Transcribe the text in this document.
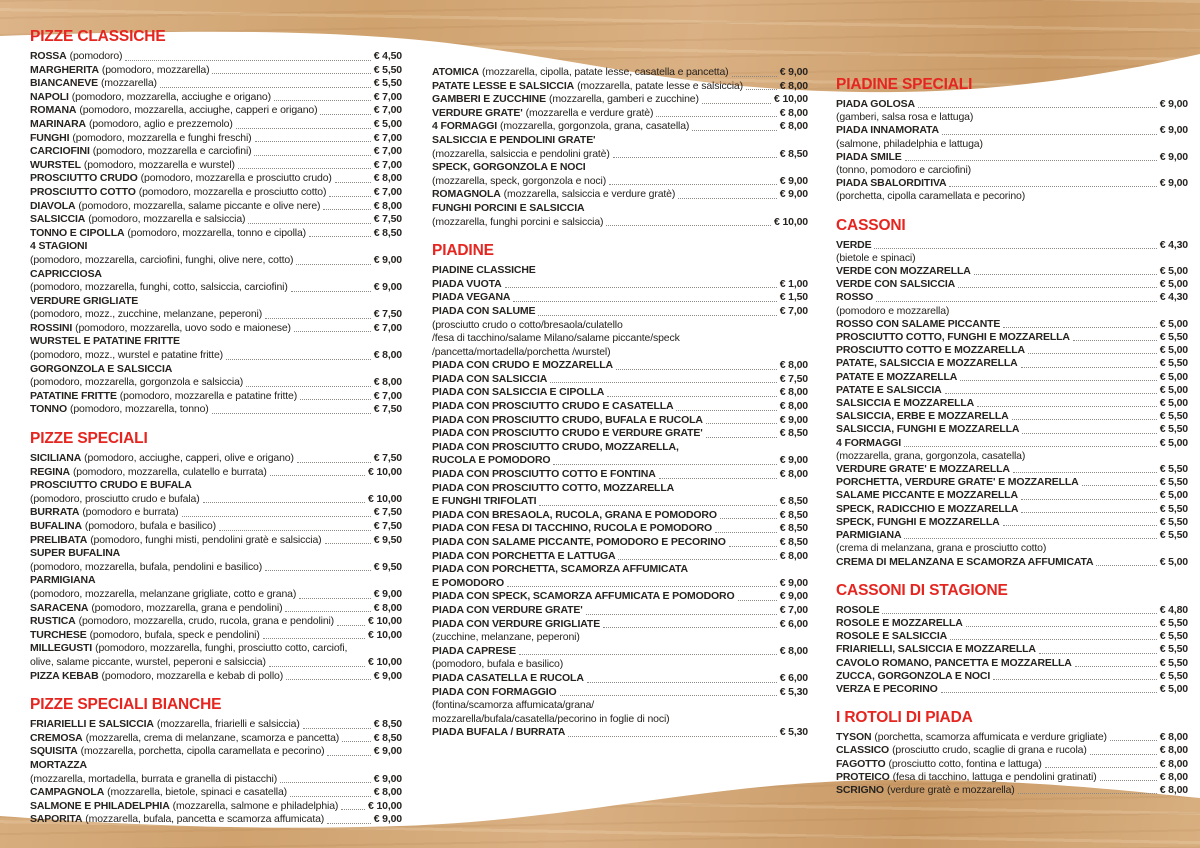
PIZZE CLASSICHE
ROSSA (pomodoro)	€ 4,50
MARGHERITA (pomodoro, mozzarella)	€ 5,50
BIANCANEVE (mozzarella)	€ 5,50
NAPOLI (pomodoro, mozzarella, acciughe e origano)	€ 7,00
ROMANA (pomodoro, mozzarella, acciughe, capperi e origano)	€ 7,00
MARINARA (pomodoro, aglio e prezzemolo)	€ 5,00
FUNGHI (pomodoro, mozzarella e funghi freschi)	€ 7,00
CARCIOFINI (pomodoro, mozzarella e carciofini)	€ 7,00
WURSTEL (pomodoro, mozzarella e wurstel)	€ 7,00
PROSCIUTTO CRUDO (pomodoro, mozzarella e prosciutto crudo)	€ 8,00
PROSCIUTTO COTTO (pomodoro, mozzarella e prosciutto cotto)	€ 7,00
DIAVOLA (pomodoro, mozzarella, salame piccante e olive nere)	€ 8,00
SALSICCIA (pomodoro, mozzarella e salsiccia)	€ 7,50
TONNO E CIPOLLA (pomodoro, mozzarella, tonno e cipolla)	€ 8,50
4 STAGIONI
(pomodoro, mozzarella, carciofini, funghi, olive nere, cotto)	€ 9,00
CAPRICCIOSA
(pomodoro, mozzarella, funghi, cotto, salsiccia, carciofini)	€ 9,00
VERDURE GRIGLIATE
(pomodoro, mozz., zucchine, melanzane, peperoni)	€ 7,50
ROSSINI (pomodoro, mozzarella, uovo sodo e maionese)	€ 7,00
WURSTEL E PATATINE FRITTE
(pomodoro, mozz., wurstel e patatine fritte)	€ 8,00
GORGONZOLA E SALSICCIA
(pomodoro, mozzarella, gorgonzola e salsiccia)	€ 8,00
PATATINE FRITTE (pomodoro, mozzarella e patatine fritte)	€ 7,00
TONNO (pomodoro, mozzarella, tonno)	€ 7,50
PIZZE SPECIALI
SICILIANA (pomodoro, acciughe, capperi, olive e origano)	€ 7,50
REGINA (pomodoro, mozzarella, culatello e burrata)	€ 10,00
PROSCIUTTO CRUDO E BUFALA
(pomodoro, prosciutto crudo e bufala)	€ 10,00
BURRATA (pomodoro e burrata)	€ 7,50
BUFALINA (pomodoro, bufala e basilico)	€ 7,50
PRELIBATA (pomodoro, funghi misti, pendolini gratè e salsiccia)	€ 9,50
SUPER BUFALINA
(pomodoro, mozzarella, bufala, pendolini e basilico)	€ 9,50
PARMIGIANA
(pomodoro, mozzarella, melanzane grigliate, cotto e grana)	€ 9,00
SARACENA (pomodoro, mozzarella, grana e pendolini)	€ 8,00
RUSTICA (pomodoro, mozzarella, crudo, rucola, grana e pendolini)	€ 10,00
TURCHESE (pomodoro, bufala, speck e pendolini)	€ 10,00
MILLEGUSTI (pomodoro, mozzarella, funghi, prosciutto cotto, carciofi,
olive, salame piccante, wurstel, peperoni e salsiccia)	€ 10,00
PIZZA KEBAB (pomodoro, mozzarella e kebab di pollo)	€ 9,00
PIZZE SPECIALI BIANCHE
FRIARIELLI E SALSICCIA (mozzarella, friarielli e salsiccia)	€ 8,50
CREMOSA (mozzarella, crema di melanzane, scamorza e pancetta)	€ 8,50
SQUISITA (mozzarella, porchetta, cipolla caramellata e pecorino)	€ 9,00
MORTAZZA
(mozzarella, mortadella, burrata e granella di pistacchi)	€ 9,00
CAMPAGNOLA (mozzarella, bietole, spinaci e casatella)	€ 8,00
SALMONE E PHILADELPHIA (mozzarella, salmone e philadelphia)	€ 10,00
SAPORITA (mozzarella, bufala, pancetta e scamorza affumicata)	€ 9,00
ATOMICA (mozzarella, cipolla, patate lesse, casatella e pancetta)	€ 9,00
PATATE LESSE E SALSICCIA (mozzarella, patate lesse e salsiccia)	€ 8,00
GAMBERI E ZUCCHINE (mozzarella, gamberi e zucchine)	€ 10,00
VERDURE GRATE' (mozzarella e verdure gratè)	€ 8,00
4 FORMAGGI (mozzarella, gorgonzola, grana, casatella)	€ 8,00
SALSICCIA E PENDOLINI GRATE'
(mozzarella, salsiccia e pendolini gratè)	€ 8,50
SPECK, GORGONZOLA E NOCI
(mozzarella, speck, gorgonzola e noci)	€ 9,00
ROMAGNOLA (mozzarella, salsiccia e verdure gratè)	€ 9,00
FUNGHI PORCINI E SALSICCIA
(mozzarella, funghi porcini e salsiccia)	€ 10,00
PIADINE
PIADINE CLASSICHE
PIADA VUOTA	€ 1,00
PIADA VEGANA	€ 1,50
PIADA CON SALUME	€ 7,00
(prosciutto crudo o cotto/bresaola/culatello
/fesa di tacchino/salame Milano/salame piccante/speck
/pancetta/mortadella/porchetta /wurstel)
PIADA CON CRUDO E MOZZARELLA	€ 8,00
PIADA CON SALSICCIA	€ 7,50
PIADA CON SALSICCIA E CIPOLLA	€ 8,00
PIADA CON PROSCIUTTO CRUDO E CASATELLA	€ 8,00
PIADA CON PROSCIUTTO CRUDO, BUFALA E RUCOLA	€ 9,00
PIADA CON PROSCIUTTO CRUDO E VERDURE GRATE'	€ 8,50
PIADA CON PROSCIUTTO CRUDO, MOZZARELLA,
RUCOLA E POMODORO	€ 9,00
PIADA CON PROSCIUTTO COTTO E FONTINA	€ 8,00
PIADA CON PROSCIUTTO COTTO, MOZZARELLA
E FUNGHI TRIFOLATI	€ 8,50
PIADA CON BRESAOLA, RUCOLA, GRANA E POMODORO	€ 8,50
PIADA CON FESA DI TACCHINO, RUCOLA E POMODORO	€ 8,50
PIADA CON SALAME PICCANTE, POMODORO E PECORINO	€ 8,50
PIADA CON PORCHETTA E LATTUGA	€ 8,00
PIADA CON PORCHETTA, SCAMORZA AFFUMICATA
E POMODORO	€ 9,00
PIADA CON SPECK, SCAMORZA AFFUMICATA E POMODORO	€ 9,00
PIADA CON VERDURE GRATE'	€ 7,00
PIADA CON VERDURE GRIGLIATE	€ 6,00
(zucchine, melanzane, peperoni)
PIADA CAPRESE	€ 8,00
(pomodoro, bufala e basilico)
PIADA CASATELLA E RUCOLA	€ 6,00
PIADA CON FORMAGGIO	€ 5,30
(fontina/scamorza affumicata/grana/
mozzarella/bufala/casatella/pecorino in foglie di noci)
PIADA BUFALA / BURRATA	€ 5,30
PIADINE SPECIALI
PIADA GOLOSA	€ 9,00
(gamberi, salsa rosa e lattuga)
PIADA INNAMORATA	€ 9,00
(salmone, philadelphia e lattuga)
PIADA SMILE	€ 9,00
(tonno, pomodoro e carciofini)
PIADA SBALORDITIVA	€ 9,00
(porchetta, cipolla caramellata e pecorino)
CASSONI
VERDE	€ 4,30
(bietole e spinaci)
VERDE CON MOZZARELLA	€ 5,00
VERDE CON SALSICCIA	€ 5,00
ROSSO	€ 4,30
(pomodoro e mozzarella)
ROSSO CON SALAME PICCANTE	€ 5,00
PROSCIUTTO COTTO, FUNGHI E MOZZARELLA	€ 5,50
PROSCIUTTO COTTO E MOZZARELLA	€ 5,00
PATATE, SALSICCIA E MOZZARELLA	€ 5,50
PATATE E MOZZARELLA	€ 5,00
PATATE E SALSICCIA	€ 5,00
SALSICCIA E MOZZARELLA	€ 5,00
SALSICCIA, ERBE E MOZZARELLA	€ 5,50
SALSICCIA, FUNGHI E MOZZARELLA	€ 5,50
4 FORMAGGI	€ 5,00
(mozzarella, grana, gorgonzola, casatella)
VERDURE GRATE' E MOZZARELLA	€ 5,50
PORCHETTA, VERDURE GRATE' E MOZZARELLA	€ 5,50
SALAME PICCANTE E MOZZARELLA	€ 5,00
SPECK, RADICCHIO E MOZZARELLA	€ 5,50
SPECK, FUNGHI E MOZZARELLA	€ 5,50
PARMIGIANA	€ 5,50
(crema di melanzana, grana e prosciutto cotto)
CREMA DI MELANZANA E SCAMORZA AFFUMICATA	€ 5,00
CASSONI DI STAGIONE
ROSOLE	€ 4,80
ROSOLE E MOZZARELLA	€ 5,50
ROSOLE E SALSICCIA	€ 5,50
FRIARIELLI, SALSICCIA E MOZZARELLA	€ 5,50
CAVOLO ROMANO, PANCETTA E MOZZARELLA	€ 5,50
ZUCCA, GORGONZOLA E NOCI	€ 5,50
VERZA E PECORINO	€ 5,00
I ROTOLI DI PIADA
TYSON (porchetta, scamorza affumicata e verdure grigliate)	€ 8,00
CLASSICO (prosciutto crudo, scaglie di grana e rucola)	€ 8,00
FAGOTTO (prosciutto cotto, fontina e lattuga)	€ 8,00
PROTEICO (fesa di tacchino, lattuga e pendolini gratinati)	€ 8,00
SCRIGNO (verdure gratè e mozzarella)	€ 8,00
